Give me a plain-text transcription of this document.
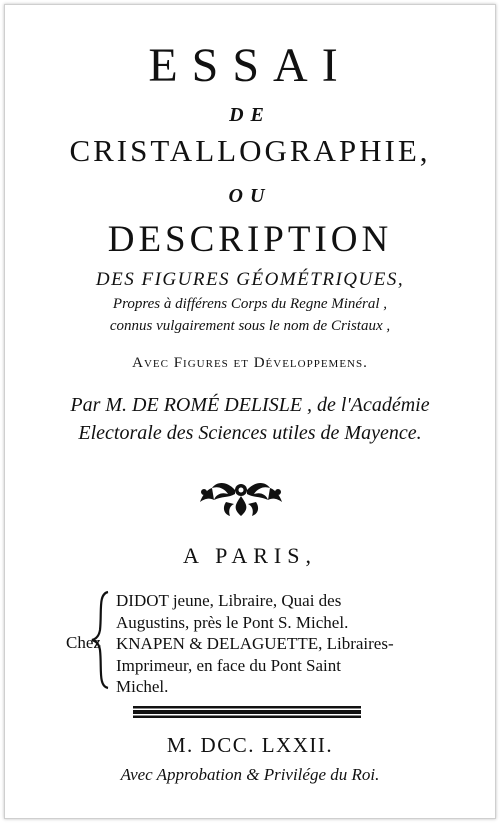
ESSAI
DE
CRISTALLOGRAPHIE,
OU
DESCRIPTION
DES FIGURES GÉOMÉTRIQUES,
Propres à différens Corps du Regne Minéral ,
connus vulgairement sous le nom de Cristaux ,
Avec Figures et Développemens.
Par M. DE ROMÉ DELISLE , de l'Académie
Electorale des Sciences utiles de Mayence.
A PARIS,
Chez
DIDOT jeune, Libraire, Quai des
Augustins, près le Pont S. Michel.
KNAPEN & DELAGUETTE, Libraires-
Imprimeur, en face du Pont Saint
Michel.
M. DCC. LXXII.
Avec Approbation & Privilége du Roi.
